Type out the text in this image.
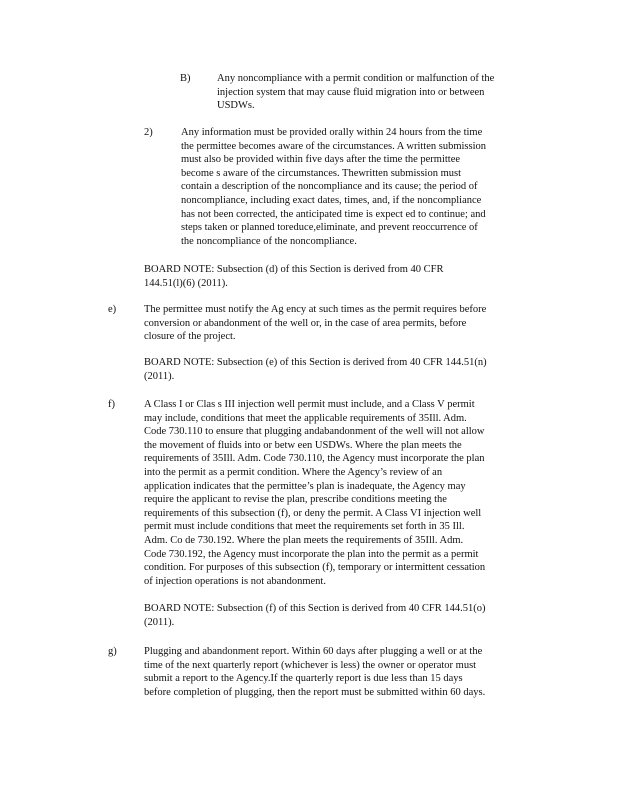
B)	Any noncompliance with a permit condition or malfunction of the
injection system that may cause fluid migration into or between
USDWs.
2)	Any information must be provided orally within 24 hours from the time
the permittee becomes aware of the circumstances. A written submission
must also be provided within five days after the time the permittee
become s aware of the circumstances. Thewritten submission must
contain a description of the noncompliance and its cause; the period of
noncompliance, including exact dates, times, and, if the noncompliance
has not been corrected, the anticipated time is expect ed to continue; and
steps taken or planned toreduce,eliminate, and prevent reoccurrence of
the noncompliance of the noncompliance.
BOARD NOTE: Subsection (d) of this Section is derived from 40 CFR
144.51(l)(6) (2011).
e)	The permittee must notify the Ag ency at such times as the permit requires before
conversion or abandonment of the well or, in the case of area permits, before
closure of the project.
BOARD NOTE: Subsection (e) of this Section is derived from 40 CFR 144.51(n)
(2011).
f)	A Class I or Clas s III injection well permit must include, and a Class V permit
may include, conditions that meet the applicable requirements of 35Ill. Adm.
Code 730.110 to ensure that plugging andabandonment of the well will not allow
the movement of fluids into or betw een USDWs. Where the plan meets the
requirements of 35Ill. Adm. Code 730.110, the Agency must incorporate the plan
into the permit as a permit condition. Where the Agency’s review of an
application indicates that the permittee’s plan is inadequate, the Agency may
require the applicant to revise the plan, prescribe conditions meeting the
requirements of this subsection (f), or deny the permit. A Class VI injection well
permit must include conditions that meet the requirements set forth in 35 Ill.
Adm. Co de 730.192. Where the plan meets the requirements of 35Ill. Adm.
Code 730.192, the Agency must incorporate the plan into the permit as a permit
condition. For purposes of this subsection (f), temporary or intermittent cessation
of injection operations is not abandonment.
BOARD NOTE: Subsection (f) of this Section is derived from 40 CFR 144.51(o)
(2011).
g)	Plugging and abandonment report. Within 60 days after plugging a well or at the
time of the next quarterly report (whichever is less) the owner or operator must
submit a report to the Agency.If the quarterly report is due less than 15 days
before completion of plugging, then the report must be submitted within 60 days.
